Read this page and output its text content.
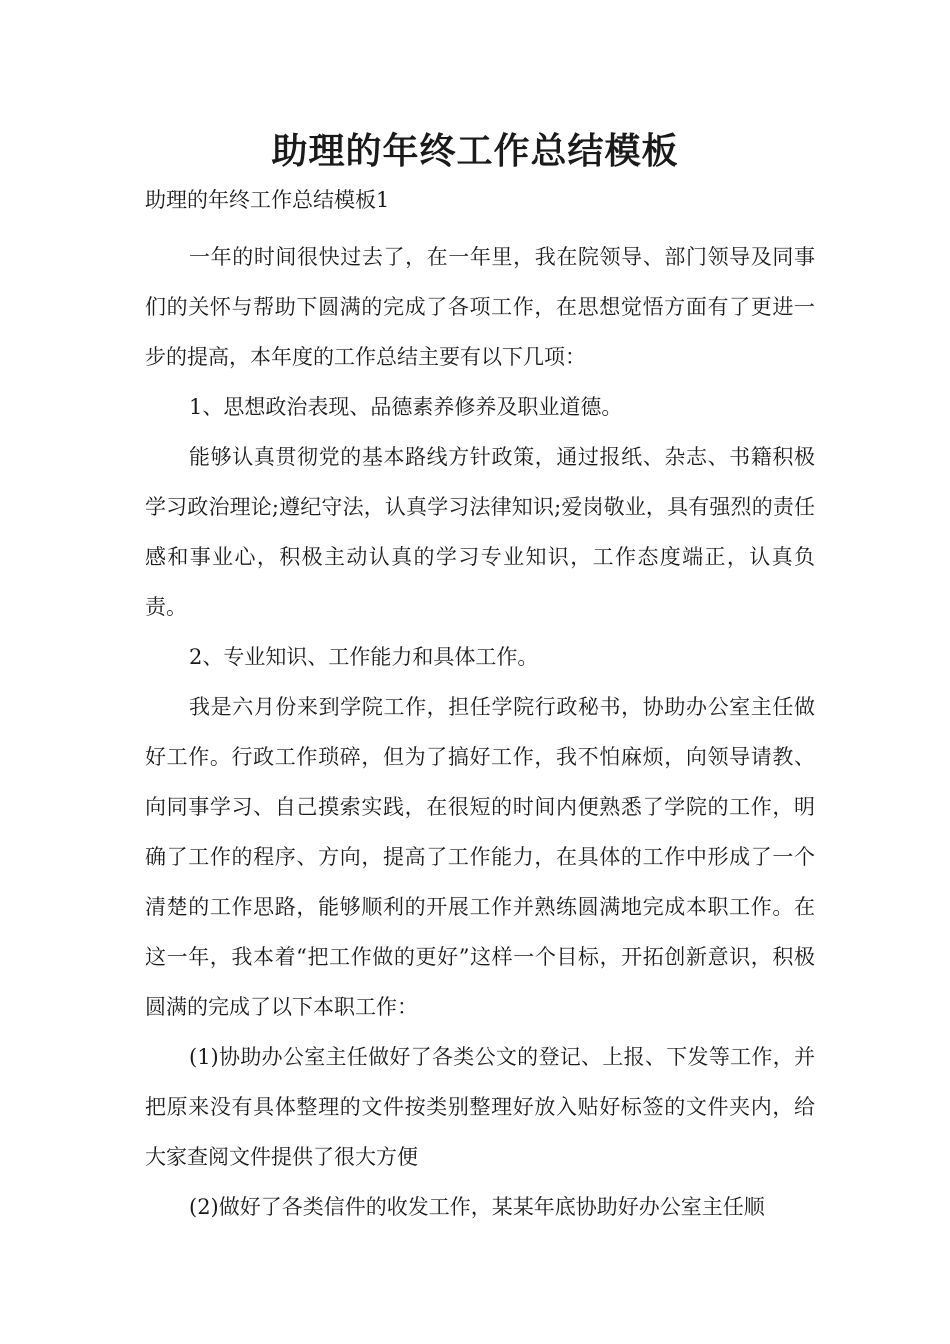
助理的年终工作总结模板
助理的年终工作总结模板1

一年的时间很快过去了，在一年里，我在院领导、部门领导及同事们的关怀与帮助下圆满的完成了各项工作，在思想觉悟方面有了更进一步的提高，本年度的工作总结主要有以下几项：

1、思想政治表现、品德素养修养及职业道德。

能够认真贯彻党的基本路线方针政策，通过报纸、杂志、书籍积极学习政治理论;遵纪守法，认真学习法律知识;爱岗敬业，具有强烈的责任感和事业心，积极主动认真的学习专业知识，工作态度端正，认真负责。

2、专业知识、工作能力和具体工作。

我是六月份来到学院工作，担任学院行政秘书，协助办公室主任做好工作。行政工作琐碎，但为了搞好工作，我不怕麻烦，向领导请教、向同事学习、自己摸索实践，在很短的时间内便熟悉了学院的工作，明确了工作的程序、方向，提高了工作能力，在具体的工作中形成了一个清楚的工作思路，能够顺利的开展工作并熟练圆满地完成本职工作。在这一年，我本着“把工作做的更好”这样一个目标，开拓创新意识，积极圆满的完成了以下本职工作：

(1)协助办公室主任做好了各类公文的登记、上报、下发等工作，并把原来没有具体整理的文件按类别整理好放入贴好标签的文件夹内，给大家查阅文件提供了很大方便

(2)做好了各类信件的收发工作，某某年底协助好办公室主任顺
